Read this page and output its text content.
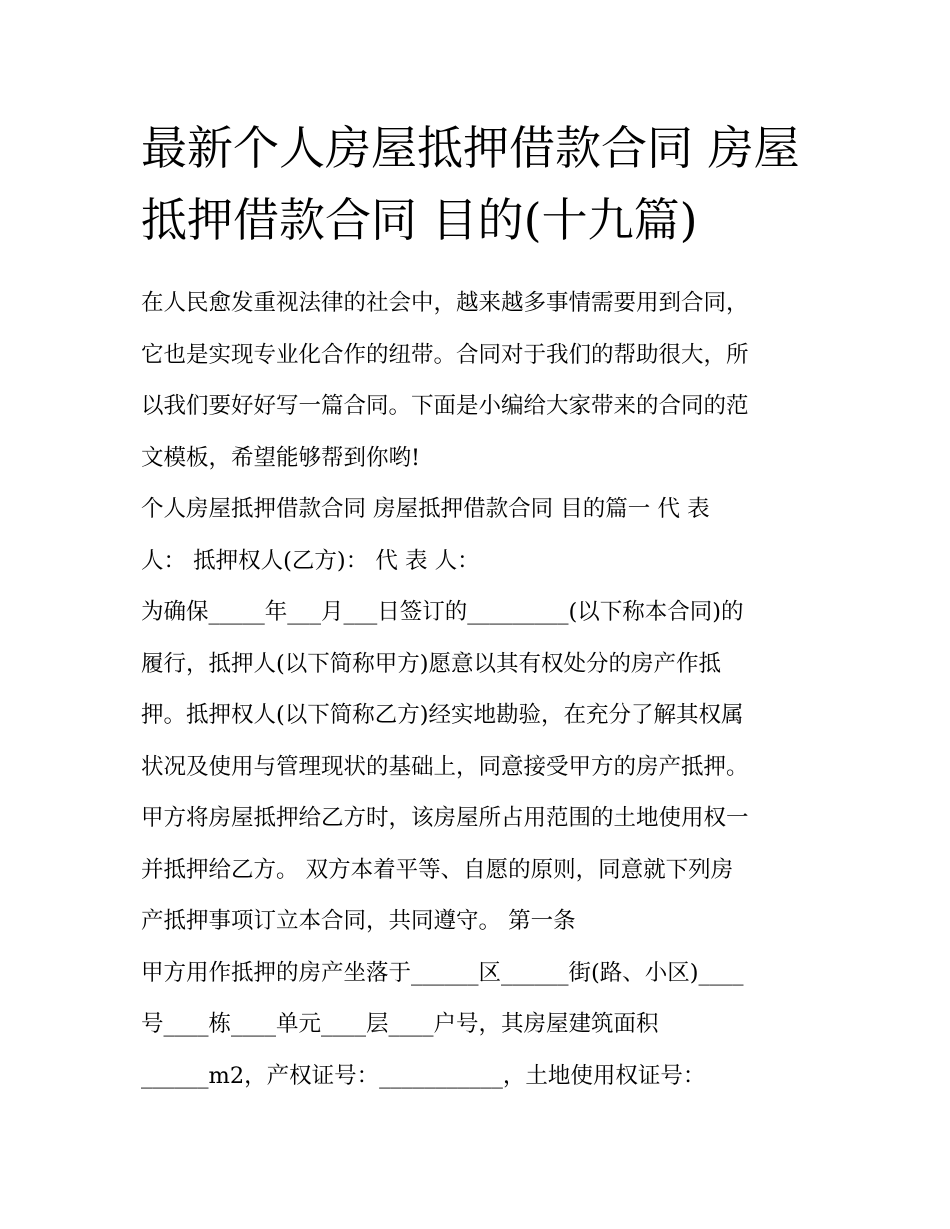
最新个人房屋抵押借款合同 房屋抵押借款合同 目的(十九篇)
在人民愈发重视法律的社会中，越来越多事情需要用到合同，
它也是实现专业化合作的纽带。合同对于我们的帮助很大，所
以我们要好好写一篇合同。下面是小编给大家带来的合同的范
文模板，希望能够帮到你哟!
个人房屋抵押借款合同 房屋抵押借款合同 目的篇一 代 表
人： 抵押权人(乙方)： 代 表 人：
为确保_____年___月___日签订的_________(以下称本合同)的
履行，抵押人(以下简称甲方)愿意以其有权处分的房产作抵
押。抵押权人(以下简称乙方)经实地勘验，在充分了解其权属
状况及使用与管理现状的基础上，同意接受甲方的房产抵押。
甲方将房屋抵押给乙方时，该房屋所占用范围的土地使用权一
并抵押给乙方。 双方本着平等、自愿的原则，同意就下列房
产抵押事项订立本合同，共同遵守。 第一条
甲方用作抵押的房产坐落于______区______街(路、小区)____
号____栋____单元____层____户号，其房屋建筑面积
______m2，产权证号：___________，土地使用权证号：
